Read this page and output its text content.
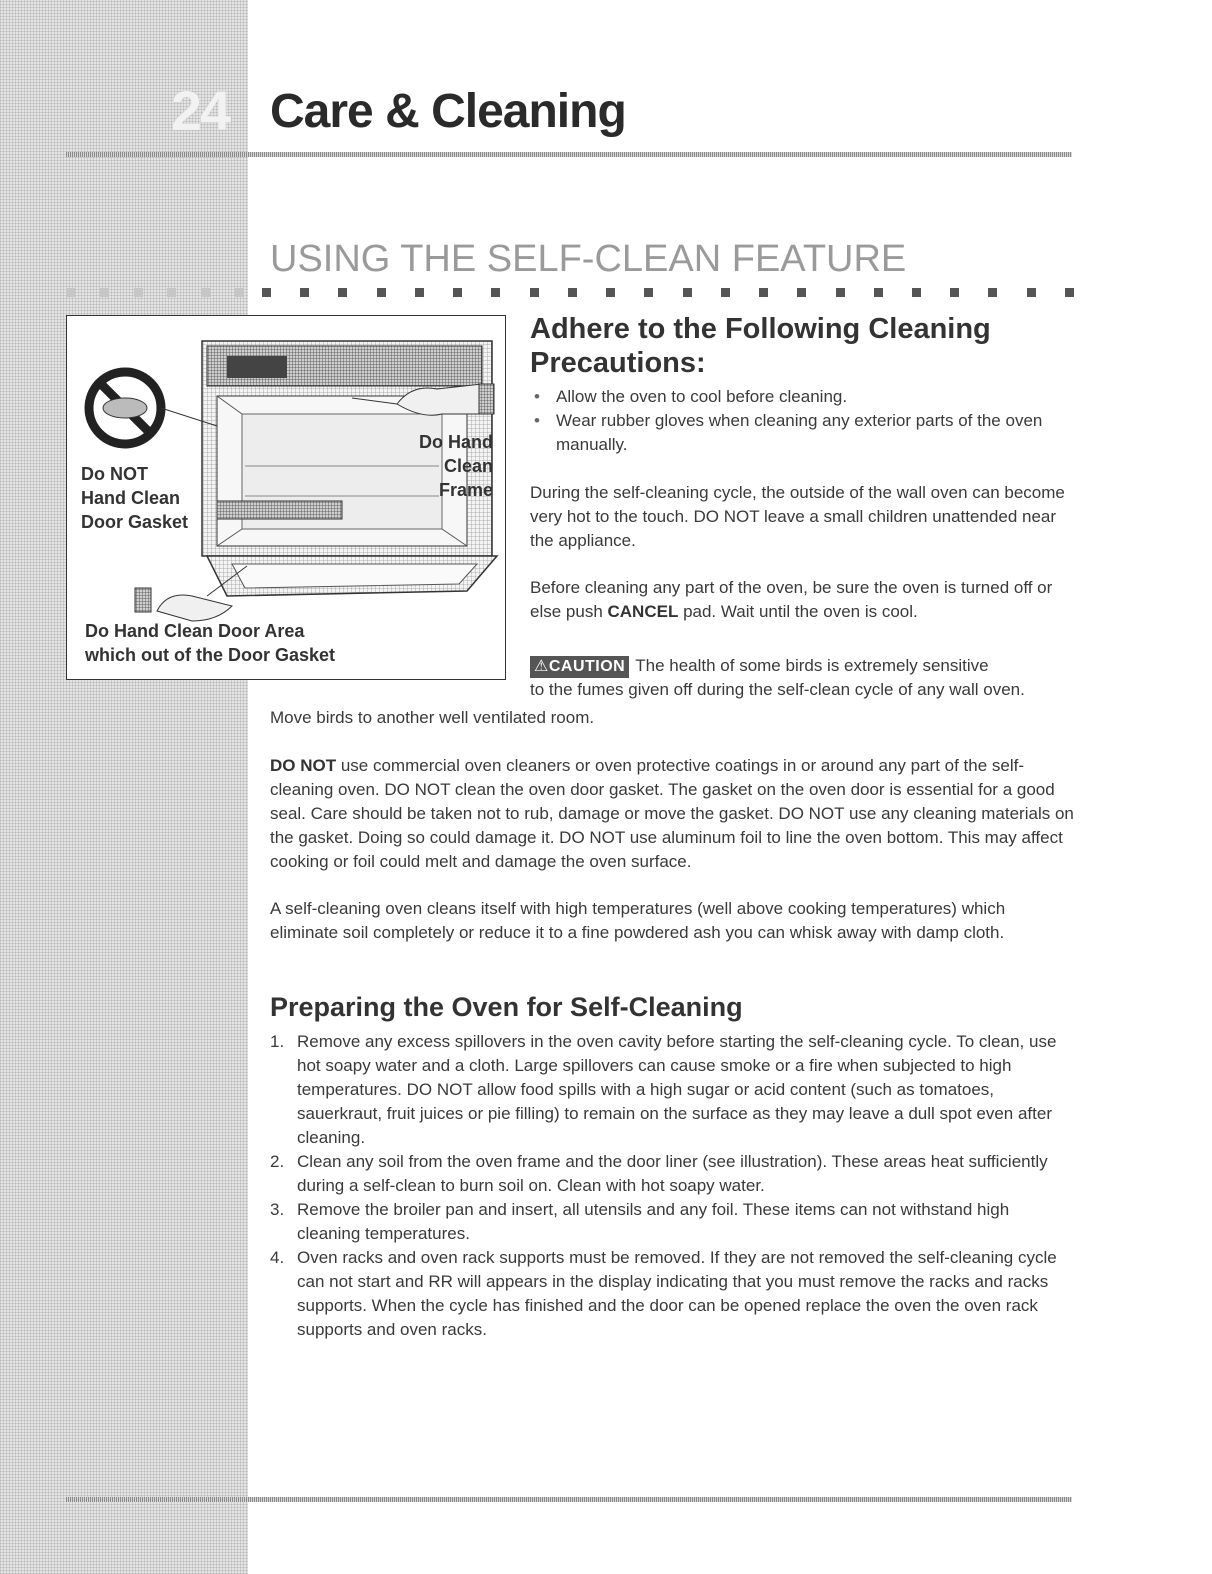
24 Care & Cleaning
USING THE SELF-CLEAN FEATURE
Do NOT
Hand Clean
Door Gasket
Do Hand
Clean
Frame
Do Hand Clean Door Area
which out of the Door Gasket
Adhere to the Following Cleaning
Precautions:
• Allow the oven to cool before cleaning.
• Wear rubber gloves when cleaning any exterior parts of the oven manually.
During the self-cleaning cycle, the outside of the wall oven can become very hot to the touch. DO NOT leave a small children unattended near the appliance.
Before cleaning any part of the oven, be sure the oven is turned off or else push CANCEL pad. Wait until the oven is cool.
⚠CAUTION The health of some birds is extremely sensitive
to the fumes given off during the self-clean cycle of any wall oven.
Move birds to another well ventilated room.
DO NOT use commercial oven cleaners or oven protective coatings in or around any part of the self-cleaning oven. DO NOT clean the oven door gasket. The gasket on the oven door is essential for a good seal. Care should be taken not to rub, damage or move the gasket. DO NOT use any cleaning materials on the gasket. Doing so could damage it. DO NOT use aluminum foil to line the oven bottom. This may affect cooking or foil could melt and damage the oven surface.
A self-cleaning oven cleans itself with high temperatures (well above cooking temperatures) which eliminate soil completely or reduce it to a fine powdered ash you can whisk away with damp cloth.
Preparing the Oven for Self-Cleaning
1. Remove any excess spillovers in the oven cavity before starting the self-cleaning cycle. To clean, use hot soapy water and a cloth. Large spillovers can cause smoke or a fire when subjected to high temperatures. DO NOT allow food spills with a high sugar or acid content (such as tomatoes, sauerkraut, fruit juices or pie filling) to remain on the surface as they may leave a dull spot even after cleaning.
2. Clean any soil from the oven frame and the door liner (see illustration). These areas heat sufficiently during a self-clean to burn soil on. Clean with hot soapy water.
3. Remove the broiler pan and insert, all utensils and any foil. These items can not withstand high cleaning temperatures.
4. Oven racks and oven rack supports must be removed. If they are not removed the self-cleaning cycle can not start and RR will appears in the display indicating that you must remove the racks and racks supports. When the cycle has finished and the door can be opened replace the oven the oven rack supports and oven racks.
